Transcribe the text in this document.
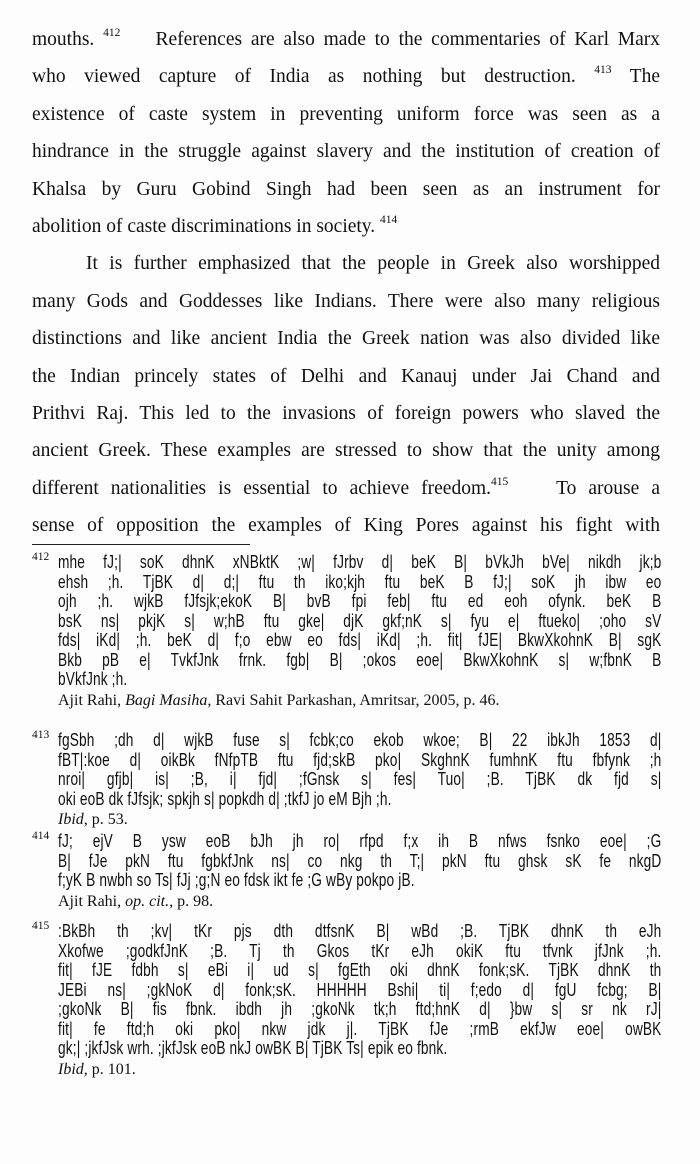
mouths. $^{412}$ References are also made to the commentaries of Karl Marx
who viewed capture of India as nothing but destruction. $^{413}$ The
existence of caste system in preventing uniform force was seen as a
hindrance in the struggle against slavery and the institution of creation of
Khalsa by Guru Gobind Singh had been seen as an instrument for
abolition of caste discriminations in society. $^{414}$
It is further emphasized that the people in Greek also worshipped
many Gods and Goddesses like Indians. There were also many religious
distinctions and like ancient India the Greek nation was also divided like
the Indian princely states of Delhi and Kanauj under Jai Chand and
Prithvi Raj. This led to the invasions of foreign powers who slaved the
ancient Greek. These examples are stressed to show that the unity among
different nationalities is essential to achieve freedom.$^{415}$ To arouse a
sense of opposition the examples of King Pores against his fight with
412 mhe fJ;| soK dhnK xNBktK ;w| fJrbv d| beK B| bVkJh bVe| nikdh jk;b
ehsh ;h. TjBK d| d;| ftu th iko;kjh ftu beK B fJ;| soK jh ibw eo
ojh ;h. wjkB fJfsjk;ekoK B| bvB fpi feb| ftu ed eoh ofynk. beK B
bsK ns| pkjK s| w;hB ftu gke| djK gkf;nK s| fyu e| ftueko| ;oho sV
fds| iKd| ;h. beK d| f;o ebw eo fds| iKd| ;h. fit| fJE| BkwXkohnK B| sgK
Bkb pB e| TvkfJnk frnk. fgb| B| ;okos eoe| BkwXkohnK s| w;fbnK B
bVkfJnk ;h.
Ajit Rahi, Bagi Masiha, Ravi Sahit Parkashan, Amritsar, 2005, p. 46.
413 fgSbh ;dh d| wjkB fuse s| fcbk;co ekob wkoe; B| 22 ibkJh 1853 d|
fBT|:koe d| oikBk fNfpTB ftu fjd;skB pko| SkghnK fumhnK ftu fbfynk ;h
nroi| gfjb| is| ;B, i| fjd| ;fGnsk s| fes| Tuo| ;B. TjBK dk fjd s|
oki eoB dk fJfsjk; spkjh s| popkdh d| ;tkfJ jo eM Bjh ;h.
Ibid, p. 53.
414 fJ; ejV B ysw eoB bJh jh ro| rfpd f;x ih B nfws fsnko eoe| ;G
B| fJe pkN ftu fgbkfJnk ns| co nkg th T;| pkN ftu ghsk sK fe nkgD
f;yK B nwbh so Ts| fJj ;g;N eo fdsk ikt fe ;G wBy pokpo jB.
Ajit Rahi, op. cit., p. 98.
415 :BkBh th ;kv| tKr pjs dth dtfsnK B| wBd ;B. TjBK dhnK th eJh
Xkofwe ;godkfJnK ;B. Tj th Gkos tKr eJh okiK ftu tfvnk jfJnk ;h.
fit| fJE fdbh s| eBi i| ud s| fgEth oki dhnK fonk;sK. TjBK dhnK th
JEBi ns| ;gkNoK d| fonk;sK. HHHHH Bshi| ti| f;edo d| fgU fcbg; B|
;gkoNk B| fis fbnk. ibdh jh ;gkoNk tk;h ftd;hnK d| }bw s| sr nk rJ|
fit| fe ftd;h oki pko| nkw jdk j|. TjBK fJe ;rmB ekfJw eoe| owBK
gk;| ;jkfJsk wrh. ;jkfJsk eoB nkJ owBK B| TjBK Ts| epik eo fbnk.
Ibid, p. 101.
